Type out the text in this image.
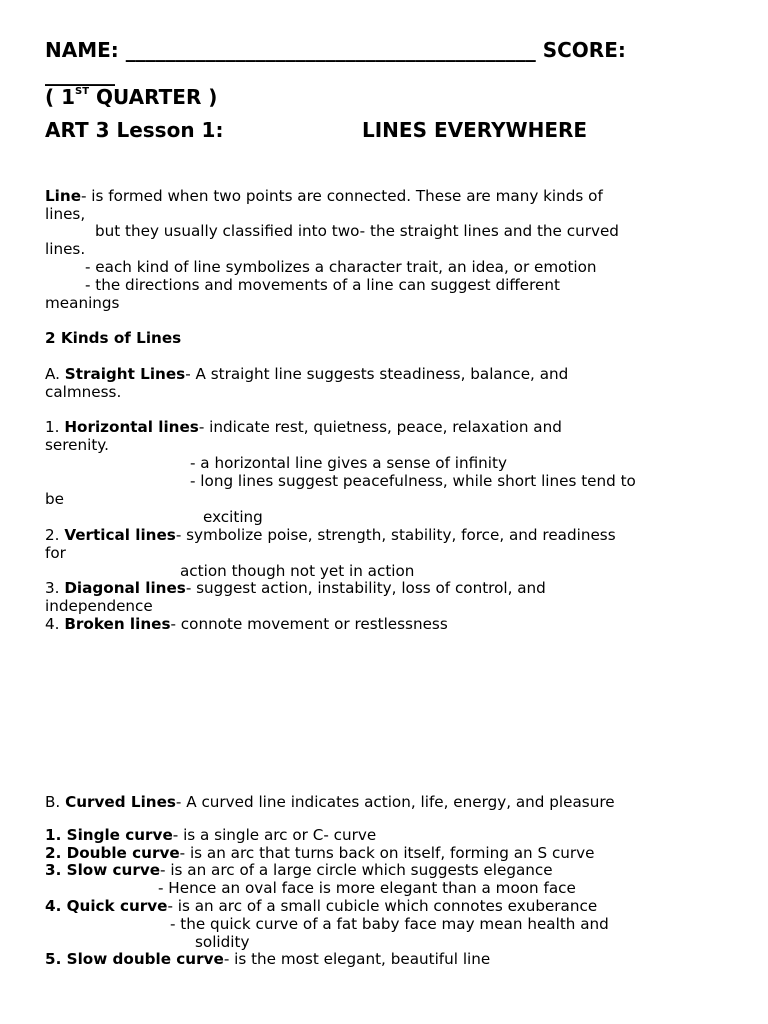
NAME: _________________________________________ SCORE:
_______
( 1ST QUARTER )
ART 3 Lesson 1:	LINES EVERYWHERE
Line- is formed when two points are connected. These are many kinds of
lines,
but they usually classified into two- the straight lines and the curved
lines.
- each kind of line symbolizes a character trait, an idea, or emotion
- the directions and movements of a line can suggest different
meanings
2 Kinds of Lines
A. Straight Lines- A straight line suggests steadiness, balance, and
calmness.
1. Horizontal lines- indicate rest, quietness, peace, relaxation and
serenity.
- a horizontal line gives a sense of infinity
- long lines suggest peacefulness, while short lines tend to
be
exciting
2. Vertical lines- symbolize poise, strength, stability, force, and readiness
for
action though not yet in action
3. Diagonal lines- suggest action, instability, loss of control, and
independence
4. Broken lines- connote movement or restlessness
B. Curved Lines- A curved line indicates action, life, energy, and pleasure
1. Single curve- is a single arc or C- curve
2. Double curve- is an arc that turns back on itself, forming an S curve
3. Slow curve- is an arc of a large circle which suggests elegance
- Hence an oval face is more elegant than a moon face
4. Quick curve- is an arc of a small cubicle which connotes exuberance
- the quick curve of a fat baby face may mean health and
solidity
5. Slow double curve- is the most elegant, beautiful line
